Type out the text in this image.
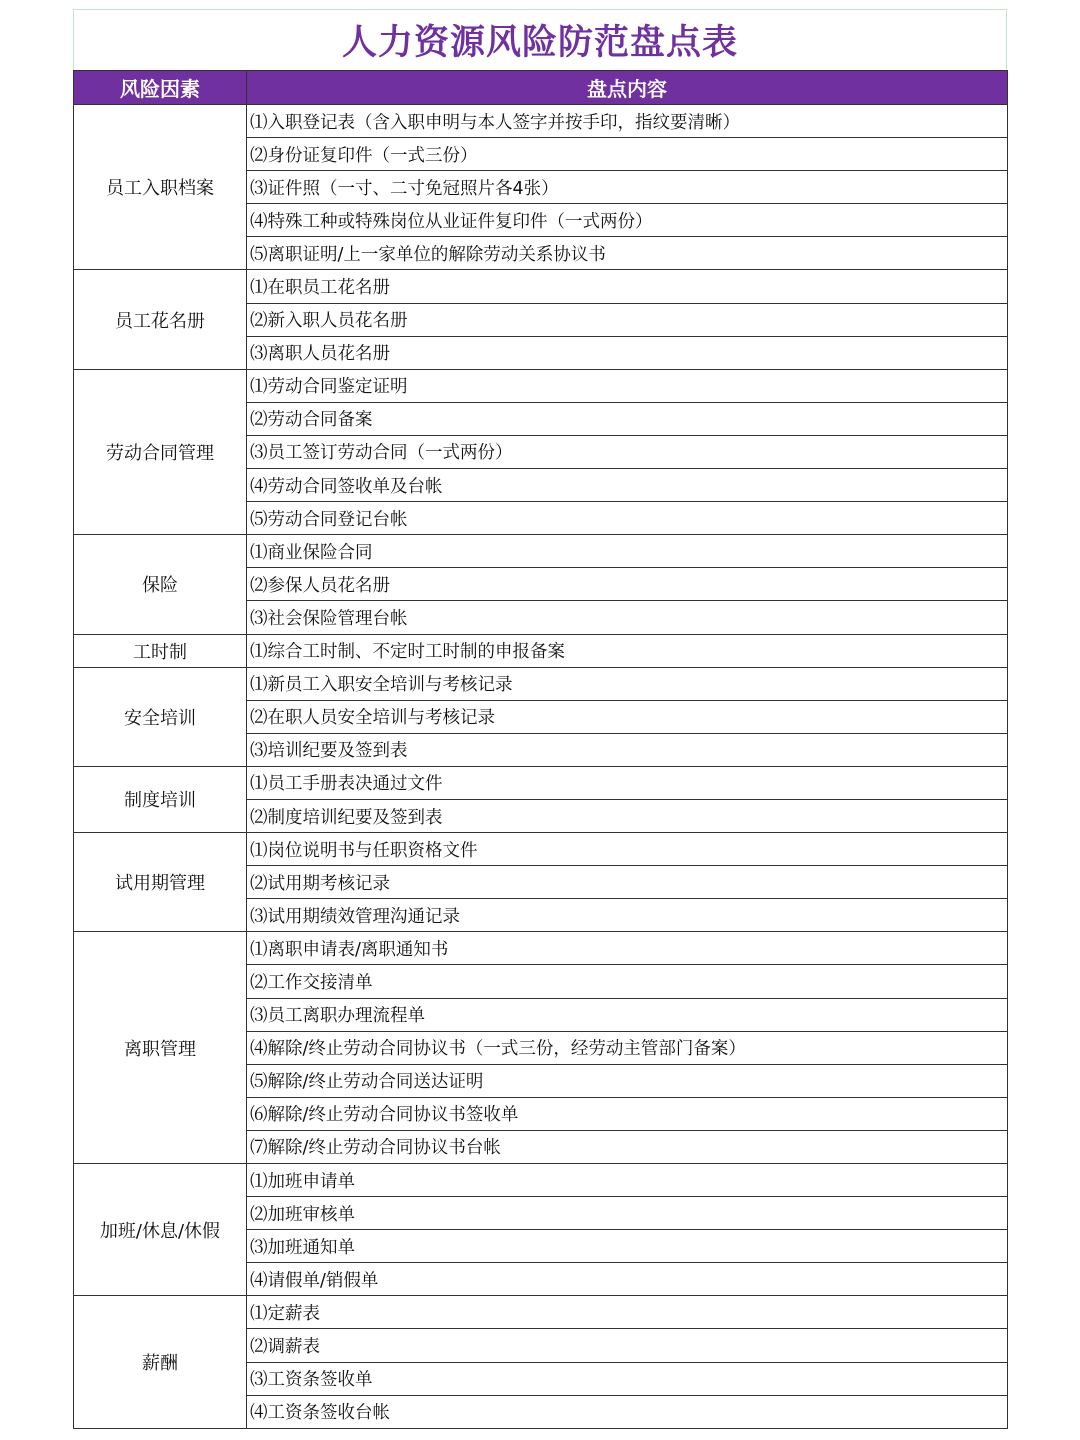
人力资源风险防范盘点表
风险因素	盘点内容
员工入职档案	⑴入职登记表（含入职申明与本人签字并按手印，指纹要清晰）
	⑵身份证复印件（一式三份）
	⑶证件照（一寸、二寸免冠照片各4张）
	⑷特殊工种或特殊岗位从业证件复印件（一式两份）
	⑸离职证明/上一家单位的解除劳动关系协议书
员工花名册	⑴在职员工花名册
	⑵新入职人员花名册
	⑶离职人员花名册
劳动合同管理	⑴劳动合同鉴定证明
	⑵劳动合同备案
	⑶员工签订劳动合同（一式两份）
	⑷劳动合同签收单及台帐
	⑸劳动合同登记台帐
保险	⑴商业保险合同
	⑵参保人员花名册
	⑶社会保险管理台帐
工时制	⑴综合工时制、不定时工时制的申报备案
安全培训	⑴新员工入职安全培训与考核记录
	⑵在职人员安全培训与考核记录
	⑶培训纪要及签到表
制度培训	⑴员工手册表决通过文件
	⑵制度培训纪要及签到表
试用期管理	⑴岗位说明书与任职资格文件
	⑵试用期考核记录
	⑶试用期绩效管理沟通记录
离职管理	⑴离职申请表/离职通知书
	⑵工作交接清单
	⑶员工离职办理流程单
	⑷解除/终止劳动合同协议书（一式三份，经劳动主管部门备案）
	⑸解除/终止劳动合同送达证明
	⑹解除/终止劳动合同协议书签收单
	⑺解除/终止劳动合同协议书台帐
加班/休息/休假	⑴加班申请单
	⑵加班审核单
	⑶加班通知单
	⑷请假单/销假单
薪酬	⑴定薪表
	⑵调薪表
	⑶工资条签收单
	⑷工资条签收台帐
